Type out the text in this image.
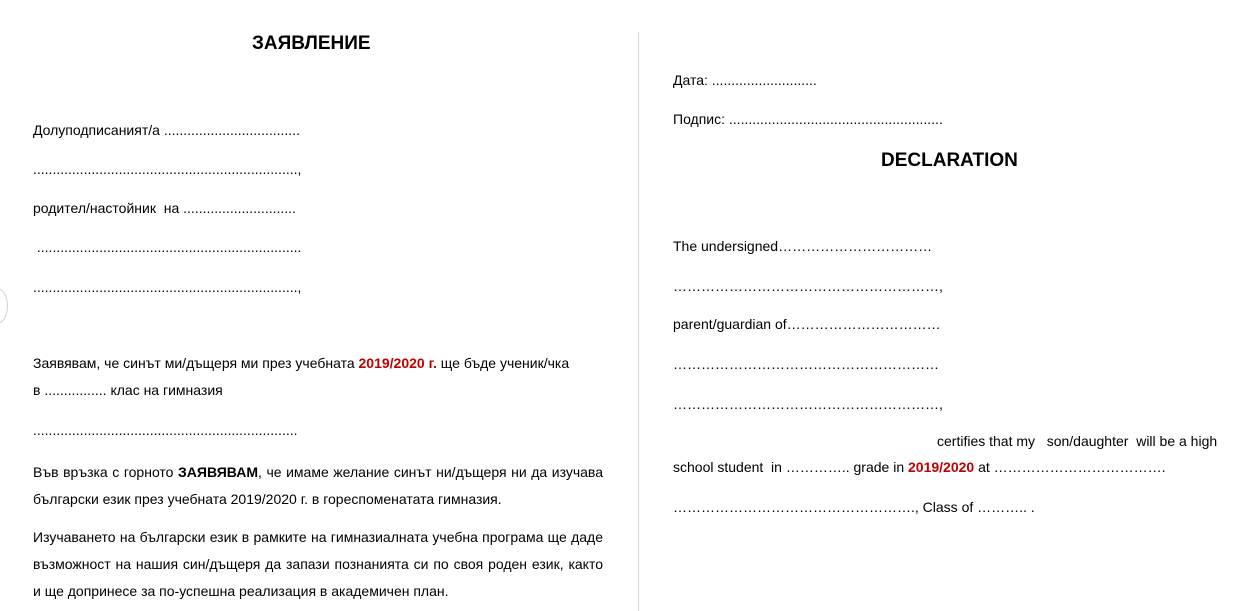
ЗАЯВЛЕНИЕ
Долуподписаният/а ...................................
....................................................................,
родител/настойник  на .............................
....................................................................
....................................................................,
Заявявам, че синът ми/дъщеря ми през учебната 2019/2020 г. ще бъде ученик/чка
в ................ клас на гимназия
....................................................................
Във връзка с горното ЗАЯВЯВАМ, че имаме желание синът ни/дъщеря ни да изучава български език през учебната 2019/2020 г. в гореспоменатата гимназия.
Изучаването на български език в рамките на гимназиалната учебна програма ще даде възможност на нашия син/дъщеря да запази познанията си по своя роден език, както и ще допринесе за по-успешна реализация в академичен план.
Дата: ...........................
Подпис: .......................................................
DECLARATION
The undersigned……………………………
…………………………………………………,
parent/guardian of……………………………
…………………………………………………
…………………………………………………,
certifies that my   son/daughter  will be a high
school student  in ………….. grade in 2019/2020 at ……………………………….
……………………………………………., Class of ……….. .
